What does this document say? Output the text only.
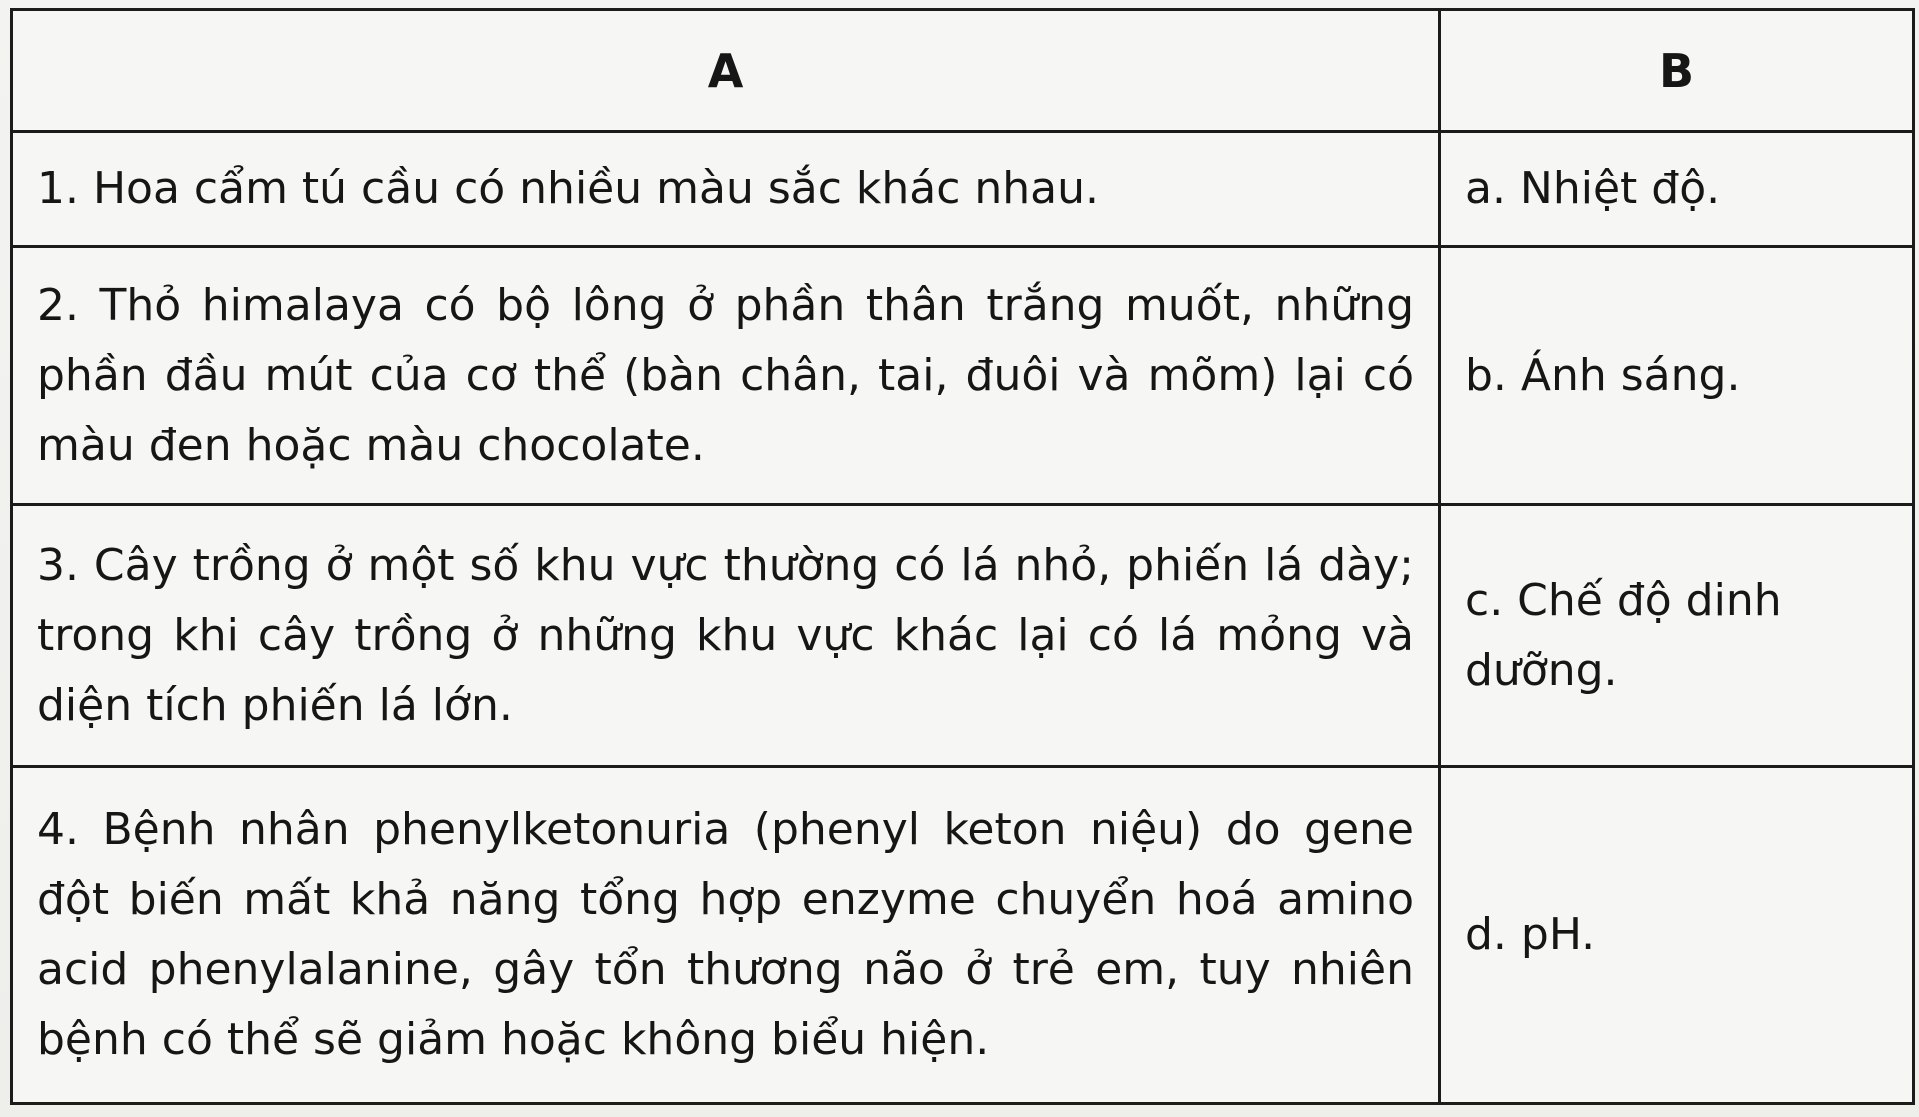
A	B
1. Hoa cẩm tú cầu có nhiều màu sắc khác nhau.	a. Nhiệt độ.
2. Thỏ himalaya có bộ lông ở phần thân trắng muốt, những phần đầu mút của cơ thể (bàn chân, tai, đuôi và mõm) lại có màu đen hoặc màu chocolate.	b. Ánh sáng.
3. Cây trồng ở một số khu vực thường có lá nhỏ, phiến lá dày; trong khi cây trồng ở những khu vực khác lại có lá mỏng và diện tích phiến lá lớn.	c. Chế độ dinh dưỡng.
4. Bệnh nhân phenylketonuria (phenyl keton niệu) do gene đột biến mất khả năng tổng hợp enzyme chuyển hoá amino acid phenylalanine, gây tổn thương não ở trẻ em, tuy nhiên bệnh có thể sẽ giảm hoặc không biểu hiện.	d. pH.
